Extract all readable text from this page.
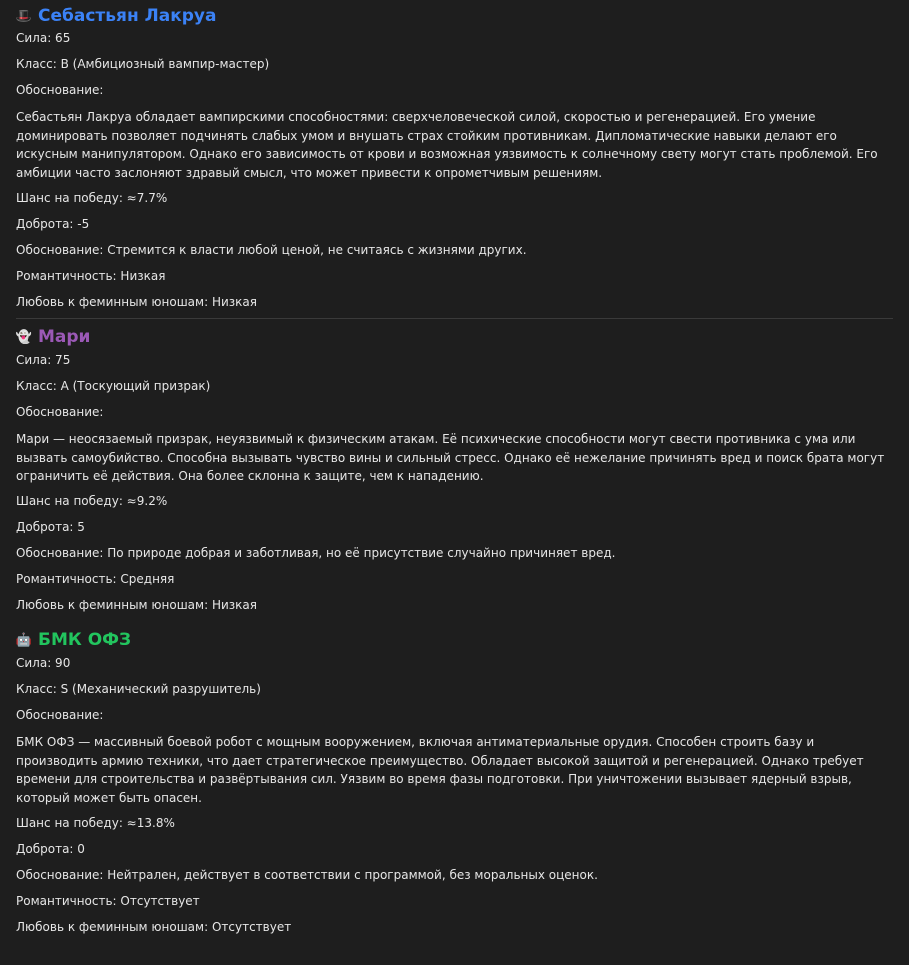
🎩 Себастьян Лакруа
Сила: 65
Класс: B (Амбициозный вампир-мастер)
Обоснование:
Себастьян Лакруа обладает вампирскими способностями: сверхчеловеческой силой, скоростью и регенерацией. Его умение доминировать позволяет подчинять слабых умом и внушать страх стойким противникам. Дипломатические навыки делают его искусным манипулятором. Однако его зависимость от крови и возможная уязвимость к солнечному свету могут стать проблемой. Его амбиции часто заслоняют здравый смысл, что может привести к опрометчивым решениям.
Шанс на победу: ≈7.7%
Доброта: -5
Обоснование: Стремится к власти любой ценой, не считаясь с жизнями других.
Романтичность: Низкая
Любовь к феминным юношам: Низкая
👻 Мари
Сила: 75
Класс: A (Тоскующий призрак)
Обоснование:
Мари — неосязаемый призрак, неуязвимый к физическим атакам. Её психические способности могут свести противника с ума или вызвать самоубийство. Способна вызывать чувство вины и сильный стресс. Однако её нежелание причинять вред и поиск брата могут ограничить её действия. Она более склонна к защите, чем к нападению.
Шанс на победу: ≈9.2%
Доброта: 5
Обоснование: По природе добрая и заботливая, но её присутствие случайно причиняет вред.
Романтичность: Средняя
Любовь к феминным юношам: Низкая
🤖 БМК ОФЗ
Сила: 90
Класс: S (Механический разрушитель)
Обоснование:
БМК ОФЗ — массивный боевой робот с мощным вооружением, включая антиматериальные орудия. Способен строить базу и производить армию техники, что дает стратегическое преимущество. Обладает высокой защитой и регенерацией. Однако требует времени для строительства и развёртывания сил. Уязвим во время фазы подготовки. При уничтожении вызывает ядерный взрыв, который может быть опасен.
Шанс на победу: ≈13.8%
Доброта: 0
Обоснование: Нейтрален, действует в соответствии с программой, без моральных оценок.
Романтичность: Отсутствует
Любовь к феминным юношам: Отсутствует
